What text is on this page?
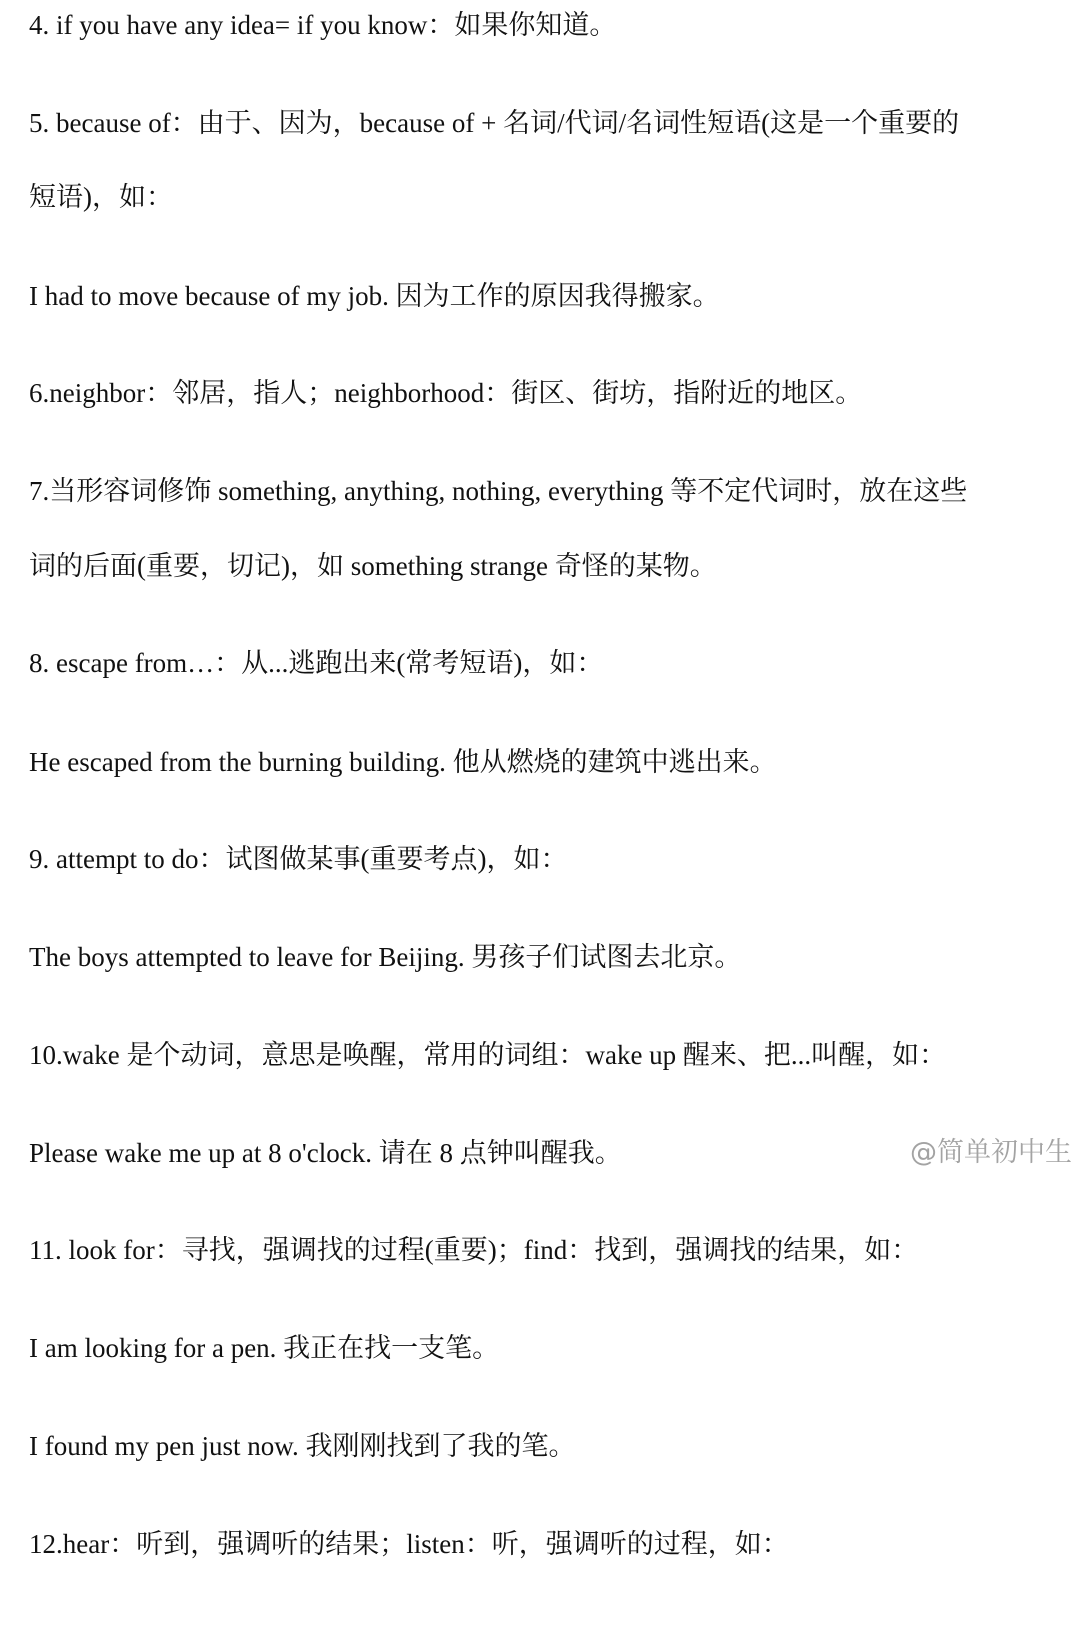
4. if you have any idea= if you know：如果你知道。
5. because of：由于、因为，because of + 名词/代词/名词性短语(这是一个重要的
短语)，如：
I had to move because of my job. 因为工作的原因我得搬家。
6.neighbor：邻居，指人；neighborhood：街区、街坊，指附近的地区。
7.当形容词修饰 something, anything, nothing, everything 等不定代词时，放在这些
词的后面(重要，切记)，如 something strange 奇怪的某物。
8. escape from…：从...逃跑出来(常考短语)，如：
He escaped from the burning building. 他从燃烧的建筑中逃出来。
9. attempt to do：试图做某事(重要考点)，如：
The boys attempted to leave for Beijing. 男孩子们试图去北京。
10.wake 是个动词，意思是唤醒，常用的词组：wake up 醒来、把...叫醒，如：
Please wake me up at 8 o'clock. 请在 8 点钟叫醒我。
11. look for：寻找，强调找的过程(重要)；find：找到，强调找的结果，如：
I am looking for a pen. 我正在找一支笔。
I found my pen just now. 我刚刚找到了我的笔。
12.hear：听到，强调听的结果；listen：听，强调听的过程，如：
@简单初中生
